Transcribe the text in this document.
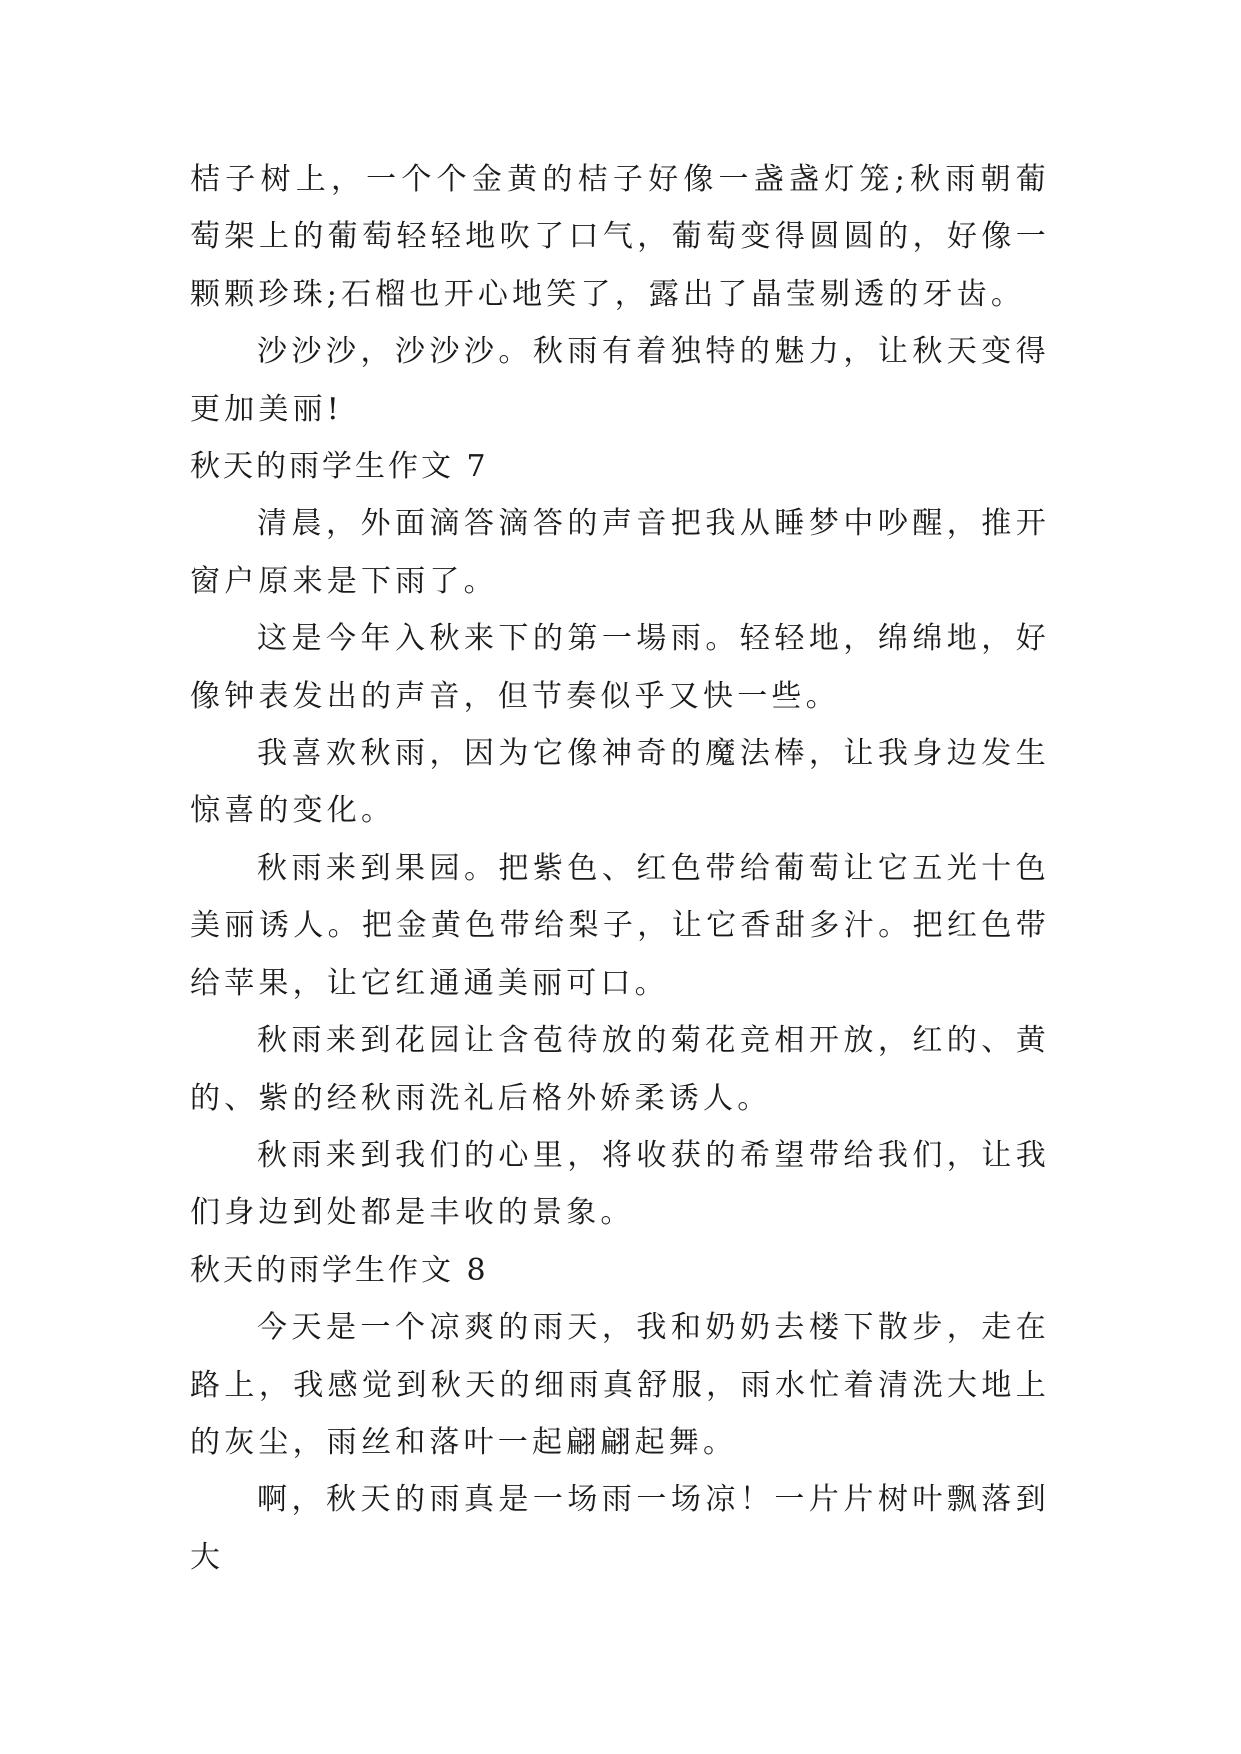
桔子树上，一个个金黄的桔子好像一盏盏灯笼;秋雨朝葡萄架上的葡萄轻轻地吹了口气，葡萄变得圆圆的，好像一颗颗珍珠;石榴也开心地笑了，露出了晶莹剔透的牙齿。

沙沙沙，沙沙沙。秋雨有着独特的魅力，让秋天变得更加美丽!

秋天的雨学生作文 7

清晨，外面滴答滴答的声音把我从睡梦中吵醒，推开窗户原来是下雨了。

这是今年入秋来下的第一場雨。轻轻地，绵绵地，好像钟表发出的声音，但节奏似乎又快一些。

我喜欢秋雨，因为它像神奇的魔法棒，让我身边发生惊喜的变化。

秋雨来到果园。把紫色、红色带给葡萄让它五光十色美丽诱人。把金黄色带给梨子，让它香甜多汁。把红色带给苹果，让它红通通美丽可口。

秋雨来到花园让含苞待放的菊花竞相开放，红的、黄的、紫的经秋雨洗礼后格外娇柔诱人。

秋雨来到我们的心里，将收获的希望带给我们，让我们身边到处都是丰收的景象。

秋天的雨学生作文 8

今天是一个凉爽的雨天，我和奶奶去楼下散步，走在路上，我感觉到秋天的细雨真舒服，雨水忙着清洗大地上的灰尘，雨丝和落叶一起翩翩起舞。

啊，秋天的雨真是一场雨一场凉！一片片树叶飘落到大
